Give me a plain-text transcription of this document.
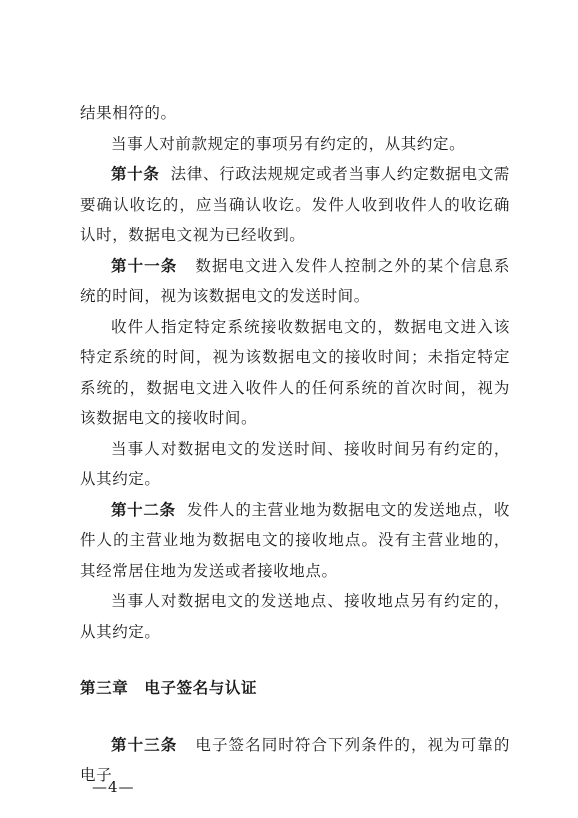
结果相符的。

当事人对前款规定的事项另有约定的，从其约定。

第十条 法律、行政法规规定或者当事人约定数据电文需要确认收讫的，应当确认收讫。发件人收到收件人的收讫确认时，数据电文视为已经收到。

第十一条 数据电文进入发件人控制之外的某个信息系统的时间，视为该数据电文的发送时间。

收件人指定特定系统接收数据电文的，数据电文进入该特定系统的时间，视为该数据电文的接收时间；未指定特定系统的，数据电文进入收件人的任何系统的首次时间，视为该数据电文的接收时间。

当事人对数据电文的发送时间、接收时间另有约定的，从其约定。

第十二条 发件人的主营业地为数据电文的发送地点，收件人的主营业地为数据电文的接收地点。没有主营业地的，其经常居住地为发送或者接收地点。

当事人对数据电文的发送地点、接收地点另有约定的，从其约定。

第三章　电子签名与认证

第十三条 电子签名同时符合下列条件的，视为可靠的电子

—4—
